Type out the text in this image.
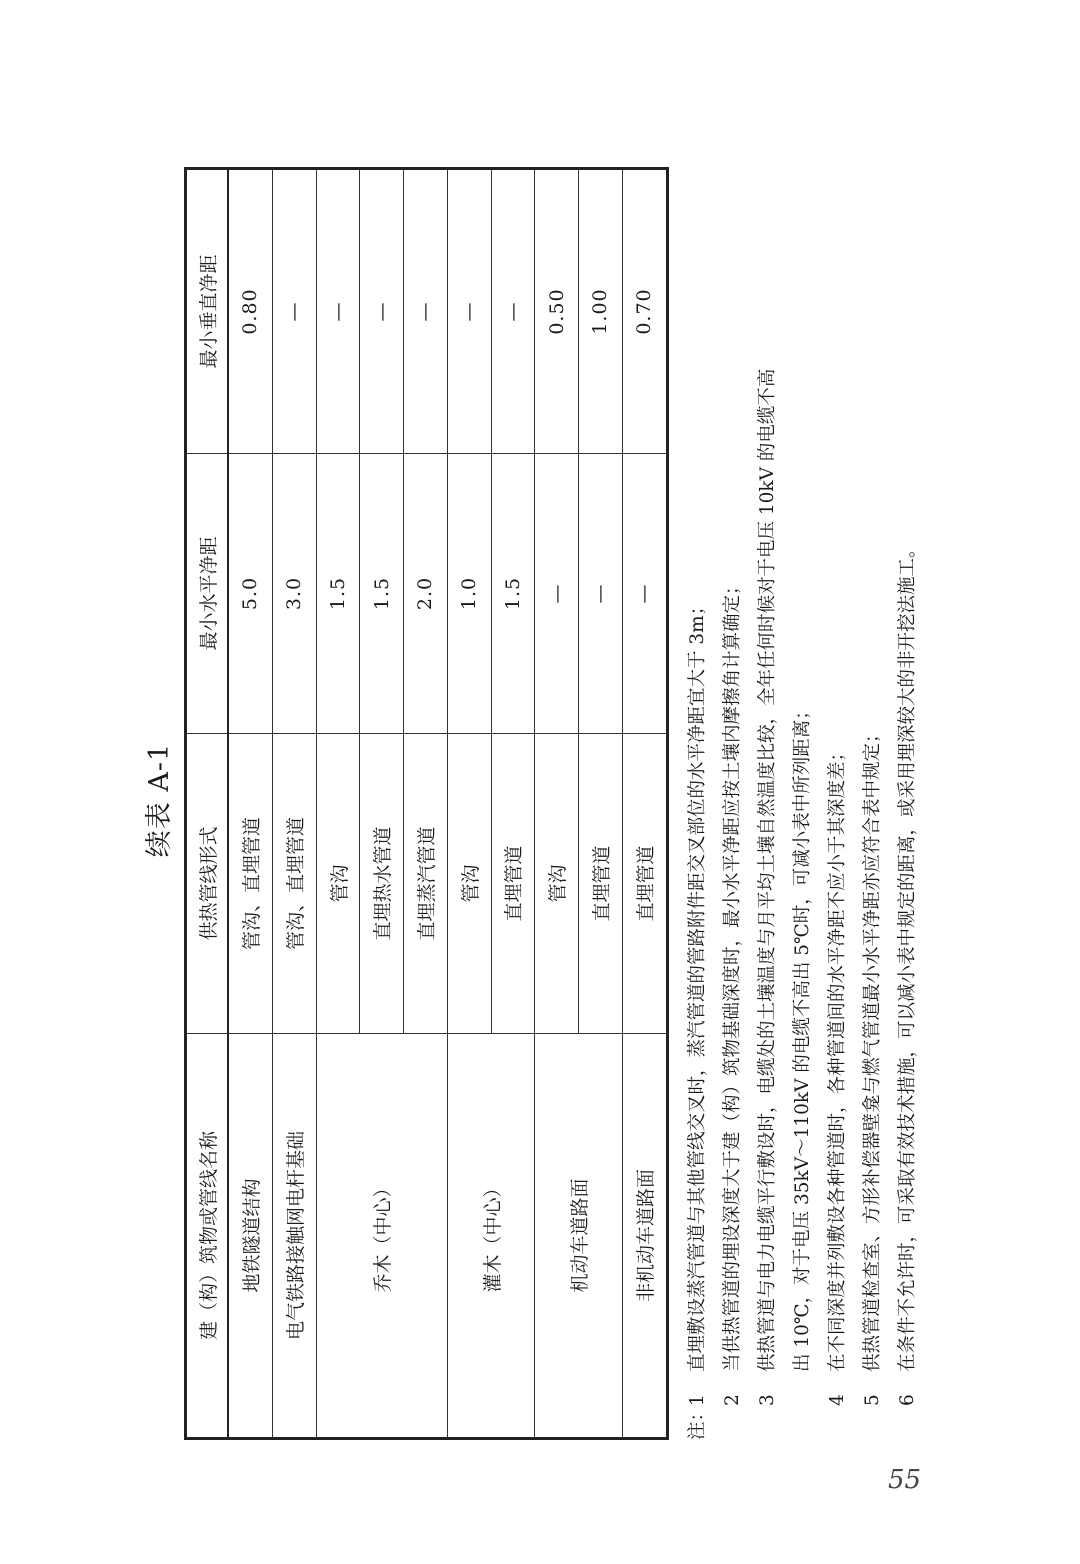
续表 A-1
建（构）筑物或管线名称	供热管线形式	最小水平净距	最小垂直净距
地铁隧道结构	管沟、直埋管道	5.0	0.80
电气铁路接触网电杆基础	管沟、直埋管道	3.0	—
乔木（中心）	管沟	1.5	—
	直埋热水管道	1.5	—
	直埋蒸汽管道	2.0	—
灌木（中心）	管沟	1.0	—
	直埋管道	1.5	—
机动车道路面	管沟	—	0.50
	直埋管道	—	1.00
非机动车道路面	直埋管道	—	0.70
注：
1
直埋敷设蒸汽管道与其他管线交叉时，蒸汽管道的管路附件距交叉部位的水平净距宜大于 3m；
2
当供热管道的埋设深度大于建（构）筑物基础深度时，最小水平净距应按土壤内摩擦角计算确定；
3
供热管道与电力电缆平行敷设时，电缆处的土壤温度与月平均土壤自然温度比较，全年任何时候对于电压 10kV 的电缆不高 出 10℃，对于电压 35kV～110kV 的电缆不高出 5℃时，可减小表中所列距离；
4
在不同深度并列敷设各种管道时，各种管道间的水平净距不应小于其深度差；
5
供热管道检查室、方形补偿器壁龛与燃气管道最小水平净距亦应符合表中规定；
6
在条件不允许时，可采取有效技术措施，可以减小表中规定的距离，或采用埋深较大的非开挖法施工。
55
